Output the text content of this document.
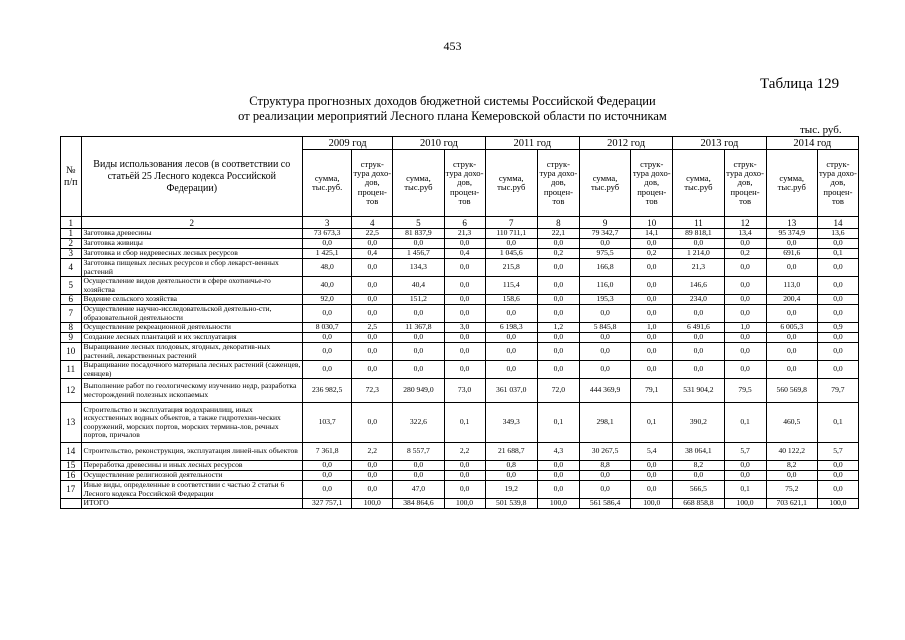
453
Таблица 129
Структура прогнозных доходов бюджетной системы Российской Федерации
от реализации мероприятий Лесного плана Кемеровской области по источникам
тыс. руб.
№ п/п	Виды использования лесов (в соответствии со статьёй 25 Лесного кодекса Российской Федерации)	2009 год		2010 год		2011 год		2012 год		2013 год		2014 год	
		сумма, тыс.руб.	струк-тура дохо-дов, процен-тов	сумма, тыс.руб	струк-тура дохо-дов, процен-тов	сумма, тыс.руб	струк-тура дохо-дов, процен-тов	сумма, тыс.руб	струк-тура дохо-дов, процен-тов	сумма, тыс.руб	струк-тура дохо-дов, процен-тов	сумма, тыс.руб	струк-тура дохо-дов, процен-тов
1	2	3	4	5	6	7	8	9	10	11	12	13	14
1	Заготовка древесины	73 673,3	22,5	81 837,9	21,3	110 711,1	22,1	79 342,7	14,1	89 818,1	13,4	95 374,9	13,6
2	Заготовка живицы	0,0	0,0	0,0	0,0	0,0	0,0	0,0	0,0	0,0	0,0	0,0	0,0
3	Заготовка и сбор недревесных лесных ресурсов	1 425,1	0,4	1 456,7	0,4	1 045,6	0,2	975,5	0,2	1 214,0	0,2	691,6	0,1
4	Заготовка пищевых лесных ресурсов и сбор лекарст-венных растений	48,0	0,0	134,3	0,0	215,8	0,0	166,8	0,0	21,3	0,0	0,0	0,0
5	Осуществление видов деятельности в сфере охотничье-го хозяйства	40,0	0,0	40,4	0,0	115,4	0,0	116,0	0,0	146,6	0,0	113,0	0,0
6	Ведение сельского хозяйства	92,0	0,0	151,2	0,0	158,6	0,0	195,3	0,0	234,0	0,0	200,4	0,0
7	Осуществление научно-исследовательской деятельно-сти, образовательной деятельности	0,0	0,0	0,0	0,0	0,0	0,0	0,0	0,0	0,0	0,0	0,0	0,0
8	Осуществление рекреационной деятельности	8 030,7	2,5	11 367,8	3,0	6 198,3	1,2	5 845,8	1,0	6 491,6	1,0	6 005,3	0,9
9	Создание лесных плантаций и их эксплуатация	0,0	0,0	0,0	0,0	0,0	0,0	0,0	0,0	0,0	0,0	0,0	0,0
10	Выращивание лесных плодовых, ягодных, декоратив-ных растений, лекарственных растений	0,0	0,0	0,0	0,0	0,0	0,0	0,0	0,0	0,0	0,0	0,0	0,0
11	Выращивание посадочного материала лесных растений (саженцев, сеянцев)	0,0	0,0	0,0	0,0	0,0	0,0	0,0	0,0	0,0	0,0	0,0	0,0
12	Выполнение работ по геологическому изучению недр, разработка месторождений полезных ископаемых	236 982,5	72,3	280 949,0	73,0	361 037,0	72,0	444 369,9	79,1	531 904,2	79,5	560 569,8	79,7
13	Строительство и эксплуатация водохранилищ, иных искусственных водных объектов, а также гидротехни-ческих сооружений, морских портов, морских термина-лов, речных портов, причалов	103,7	0,0	322,6	0,1	349,3	0,1	298,1	0,1	390,2	0,1	460,5	0,1
14	Строительство, реконструкция, эксплуатация линей-ных объектов	7 361,8	2,2	8 557,7	2,2	21 688,7	4,3	30 267,5	5,4	38 064,1	5,7	40 122,2	5,7
15	Переработка древесины и иных лесных ресурсов	0,0	0,0	0,0	0,0	0,8	0,0	8,8	0,0	8,2	0,0	8,2	0,0
16	Осуществление религиозной деятельности	0,0	0,0	0,0	0,0	0,0	0,0	0,0	0,0	0,0	0,0	0,0	0,0
17	Иные виды, определенные в соответствии с частью 2 статьи 6 Лесного кодекса Российской Федерации	0,0	0,0	47,0	0,0	19,2	0,0	0,0	0,0	566,5	0,1	75,2	0,0
	ИТОГО	327 757,1	100,0	384 864,6	100,0	501 539,8	100,0	561 586,4	100,0	668 858,8	100,0	703 621,1	100,0
